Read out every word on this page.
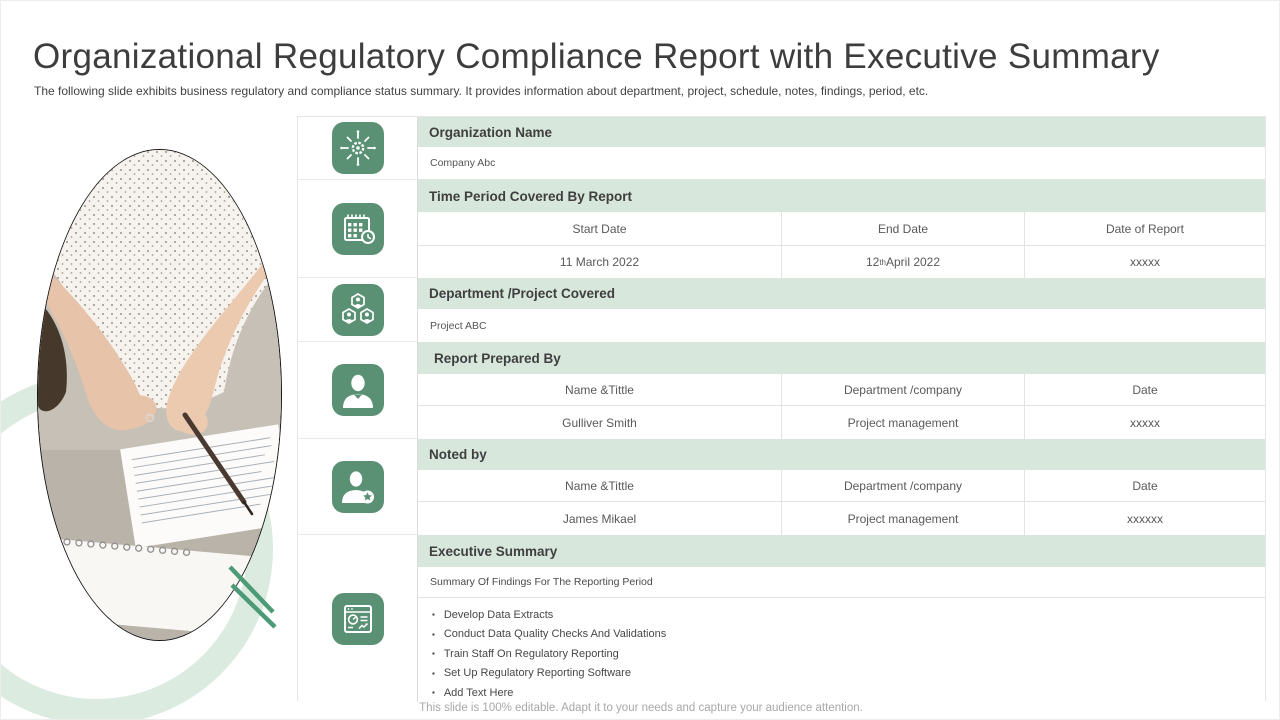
Organizational Regulatory Compliance Report with Executive Summary
The following slide exhibits business regulatory and compliance status summary. It provides information about department, project, schedule, notes, findings, period, etc.
Organization Name
Company Abc
Time Period Covered By Report
Start Date	End Date	Date of Report
11 March 2022	12 th April 2022	xxxxx
Department /Project Covered
Project ABC
Report Prepared By
Name &Tittle	Department /company	Date
Gulliver Smith	Project management	xxxxx
Noted by
Name &Tittle	Department /company	Date
James Mikael	Project management	xxxxxx
Executive Summary
Summary Of Findings For The Reporting Period
▪ Develop Data Extracts
▪ Conduct Data Quality Checks And Validations
▪ Train Staff On Regulatory Reporting
▪ Set Up Regulatory Reporting Software
▪ Add Text Here
This slide is 100% editable. Adapt it to your needs and capture your audience attention.
